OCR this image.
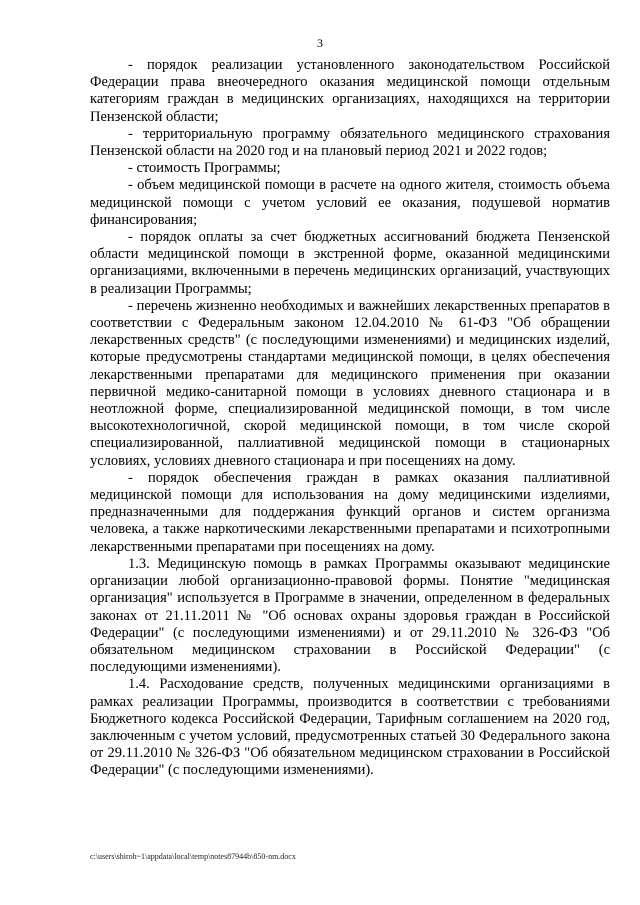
3

- порядок реализации установленного законодательством Российской Федерации права внеочередного оказания медицинской помощи отдельным категориям граждан в медицинских организациях, находящихся на территории Пензенской области;

- территориальную программу обязательного медицинского страхования Пензенской области на 2020 год и на плановый период 2021 и 2022 годов;

- стоимость Программы;

- объем медицинской помощи в расчете на одного жителя, стоимость объема медицинской помощи с учетом условий ее оказания, подушевой норматив финансирования;

- порядок оплаты за счет бюджетных ассигнований бюджета Пензенской области медицинской помощи в экстренной форме, оказанной медицинскими организациями, включенными в перечень медицинских организаций, участвующих в реализации Программы;

- перечень жизненно необходимых и важнейших лекарственных препаратов в соответствии с Федеральным законом 12.04.2010 № 61-ФЗ "Об обращении лекарственных средств" (с последующими изменениями) и медицинских изделий, которые предусмотрены стандартами медицинской помощи, в целях обеспечения лекарственными препаратами для медицинского применения при оказании первичной медико-санитарной помощи в условиях дневного стационара и в неотложной форме, специализированной медицинской помощи, в том числе высокотехнологичной, скорой медицинской помощи, в том числе скорой специализированной, паллиативной медицинской помощи в стационарных условиях, условиях дневного стационара и при посещениях на дому.

- порядок обеспечения граждан в рамках оказания паллиативной медицинской помощи для использования на дому медицинскими изделиями, предназначенными для поддержания функций органов и систем организма человека, а также наркотическими лекарственными препаратами и психотропными лекарственными препаратами при посещениях на дому.

1.3. Медицинскую помощь в рамках Программы оказывают медицинские организации любой организационно-правовой формы. Понятие "медицинская организация" используется в Программе в значении, определенном в федеральных законах от 21.11.2011 № "Об основах охраны здоровья граждан в Российской Федерации" (с последующими изменениями) и от 29.11.2010 № 326-ФЗ "Об обязательном медицинском страховании в Российской Федерации" (с последующими изменениями).

1.4. Расходование средств, полученных медицинскими организациями в рамках реализации Программы, производится в соответствии с требованиями Бюджетного кодекса Российской Федерации, Тарифным соглашением на 2020 год, заключенным с учетом условий, предусмотренных статьей 30 Федерального закона от 29.11.2010 № 326-ФЗ "Об обязательном медицинском страховании в Российской Федерации" (с последующими изменениями).

c:\users\shiroh~1\appdata\local\temp\notes87944b\850-nm.docx
